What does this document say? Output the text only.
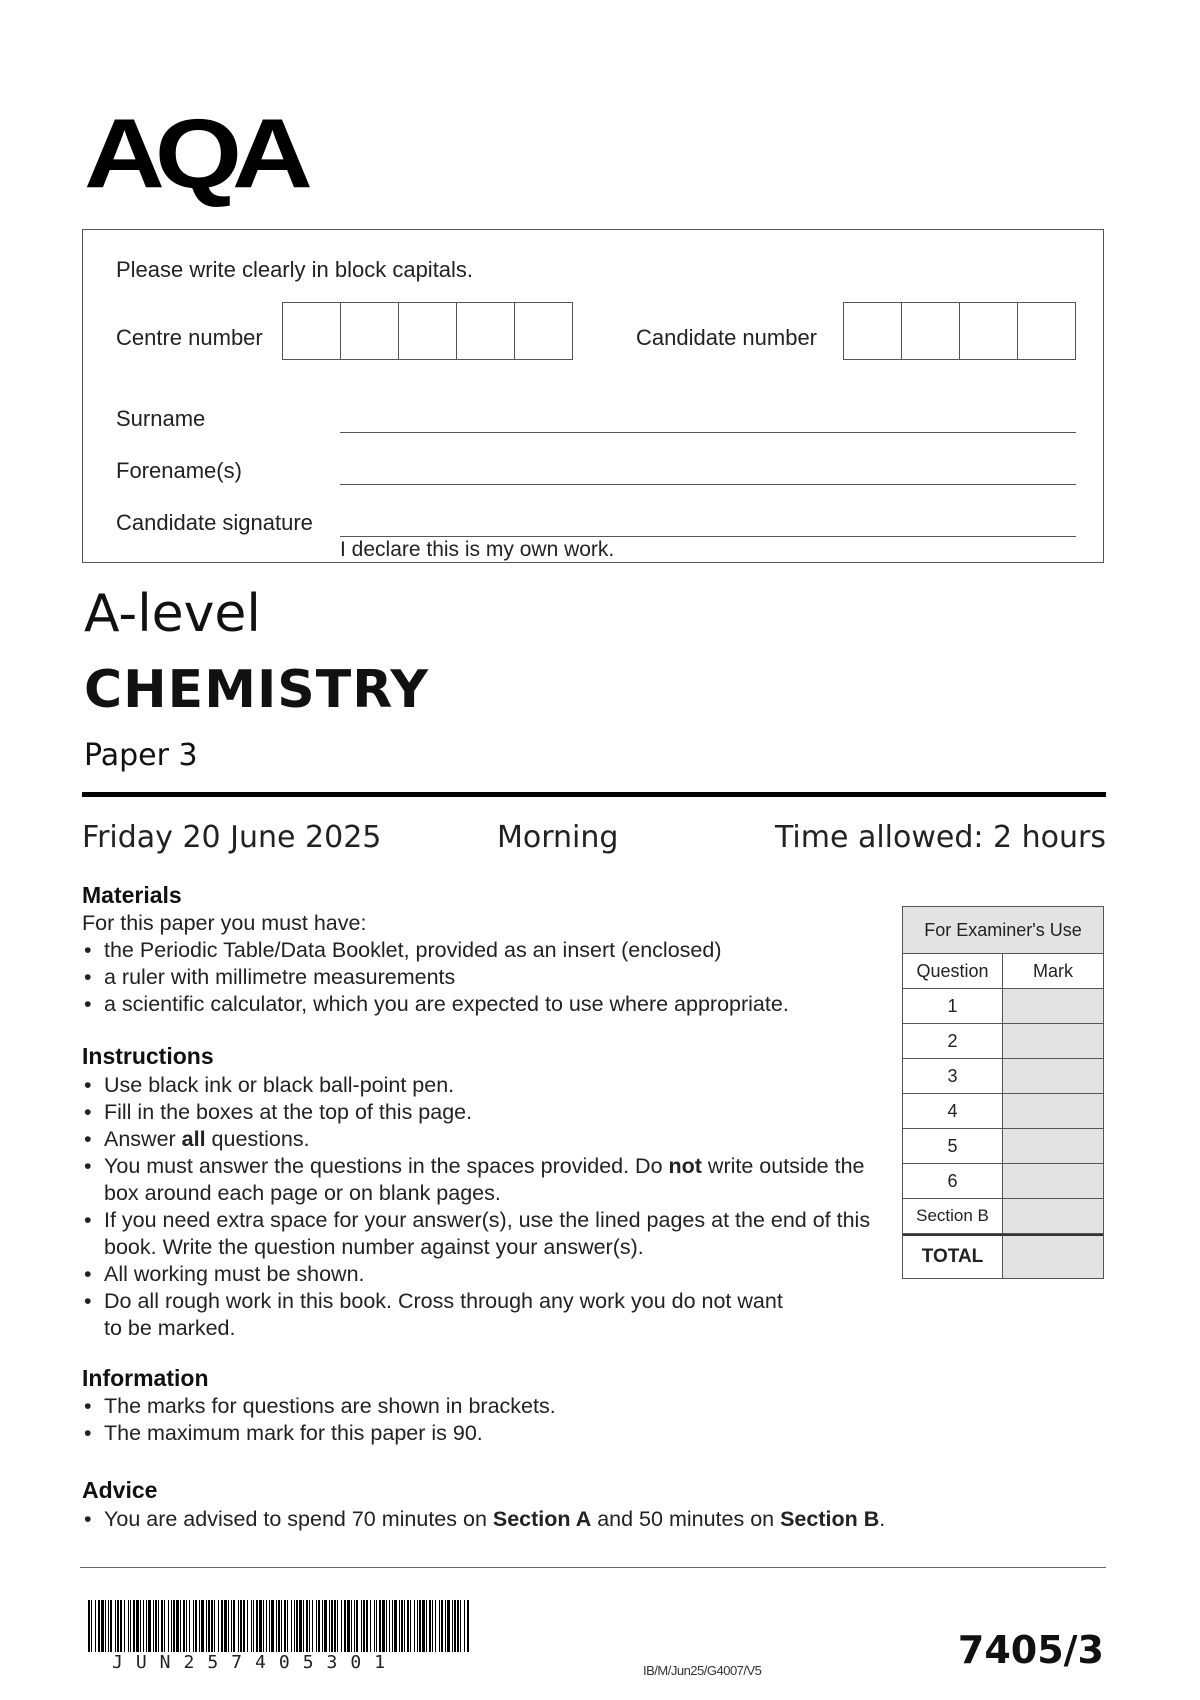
AQA
Please write clearly in block capitals.
Centre number	Candidate number
Surname
Forename(s)
Candidate signature
I declare this is my own work.
A-level
CHEMISTRY
Paper 3
Friday 20 June 2025	Morning	Time allowed: 2 hours
Materials
For this paper you must have:
• the Periodic Table/Data Booklet, provided as an insert (enclosed)
• a ruler with millimetre measurements
• a scientific calculator, which you are expected to use where appropriate.
Instructions
• Use black ink or black ball-point pen.
• Fill in the boxes at the top of this page.
• Answer all questions.
• You must answer the questions in the spaces provided. Do not write outside the box around each page or on blank pages.
• If you need extra space for your answer(s), use the lined pages at the end of this book. Write the question number against your answer(s).
• All working must be shown.
• Do all rough work in this book. Cross through any work you do not want to be marked.
Information
• The marks for questions are shown in brackets.
• The maximum mark for this paper is 90.
Advice
• You are advised to spend 70 minutes on Section A and 50 minutes on Section B.
For Examiner's Use
Question	Mark
1
2
3
4
5
6
Section B
TOTAL
JUN257405301	IB/M/Jun25/G4007/V5	7405/3
